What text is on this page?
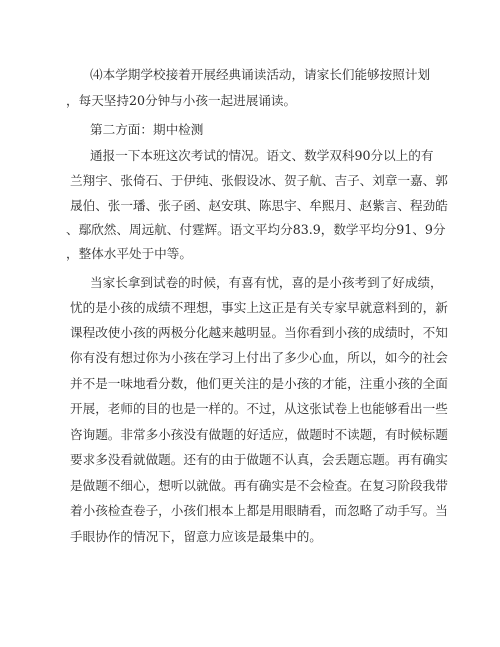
⑷本学期学校接着开展经典诵读活动，请家长们能够按照计划
，每天坚持20分钟与小孩一起进展诵读。
第二方面：期中检测
通报一下本班这次考试的情况。语文、数学双科90分以上的有
兰翔宇、张倚石、于伊纯、张假设冰、贺子航、吉子、刘章一嘉、郭
晟伯、张一璠、张子函、赵安琪、陈思宇、牟熙月、赵紫言、程劲皓
、鄢欣然、周远航、付霆辉。语文平均分83.9，数学平均分91、9分
，整体水平处于中等。
当家长拿到试卷的时候，有喜有忧，喜的是小孩考到了好成绩，
忧的是小孩的成绩不理想，事实上这正是有关专家早就意料到的，新
课程改使小孩的两极分化越来越明显。当你看到小孩的成绩时，不知
你有没有想过你为小孩在学习上付出了多少心血，所以，如今的社会
并不是一味地看分数，他们更关注的是小孩的才能，注重小孩的全面
开展，老师的目的也是一样的。不过，从这张试卷上也能够看出一些
咨询题。非常多小孩没有做题的好适应，做题时不读题，有时候标题
要求多没看就做题。还有的由于做题不认真，会丢题忘题。再有确实
是做题不细心，想听以就做。再有确实是不会检查。在复习阶段我带
着小孩检查卷子，小孩们根本上都是用眼睛看，而忽略了动手写。当
手眼协作的情况下，留意力应该是最集中的。
